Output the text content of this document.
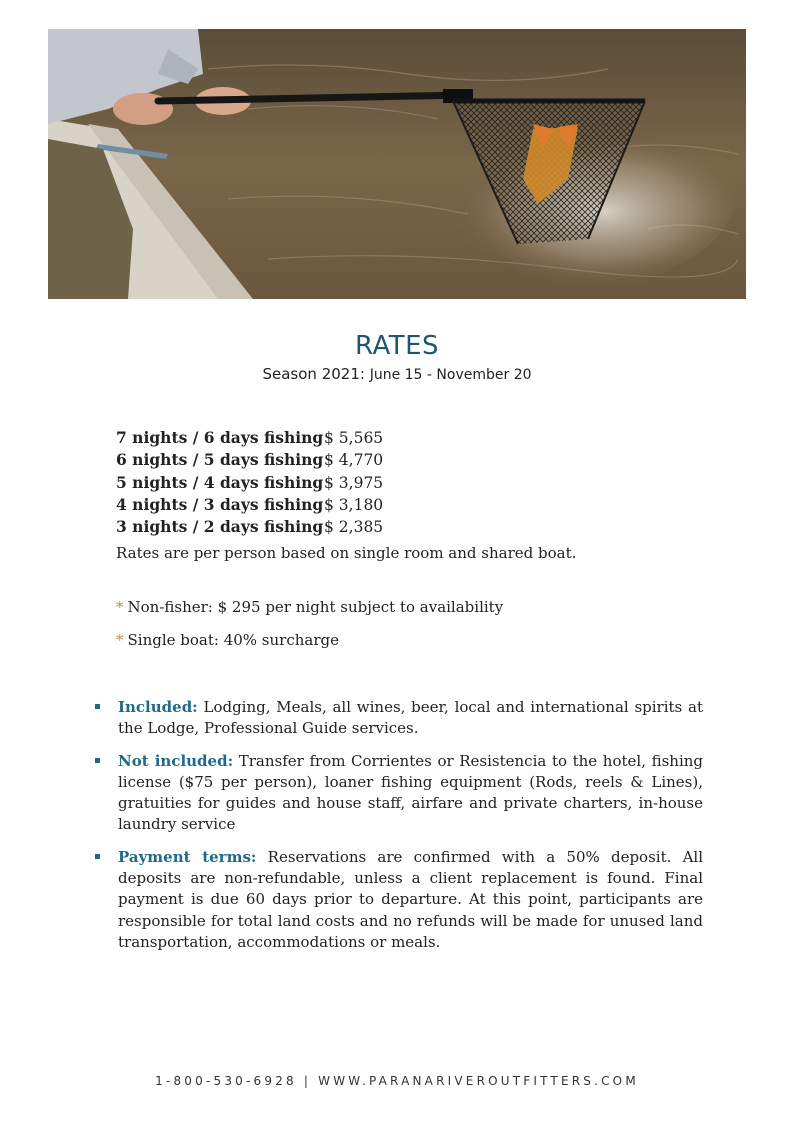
RATES
Season 2021: June 15 - November 20
7 nights / 6 days fishing$ 5,565
6 nights / 5 days fishing$ 4,770
5 nights / 4 days fishing$ 3,975
4 nights / 3 days fishing$ 3,180
3 nights / 2 days fishing$ 2,385

Rates are per person based on single room and shared boat.

* Non-fisher: $ 295 per night subject to availability

* Single boat: 40% surcharge

Included: Lodging, Meals, all wines, beer, local and international spirits at the Lodge, Professional Guide services.
Not included: Transfer from Corrientes or Resistencia to the hotel, fishing license ($75 per person), loaner fishing equipment (Rods, reels & Lines), gratuities for guides and house staff, airfare and private charters, in-house laundry service
Payment terms: Reservations are confirmed with a 50% deposit. All deposits are non-refundable, unless a client replacement is found. Final payment is due 60 days prior to departure. At this point, participants are responsible for total land costs and no refunds will be made for unused land transportation, accommodations or meals.
1-800-530-6928 | WWW.PARANARIVEROUTFITTERS.COM
